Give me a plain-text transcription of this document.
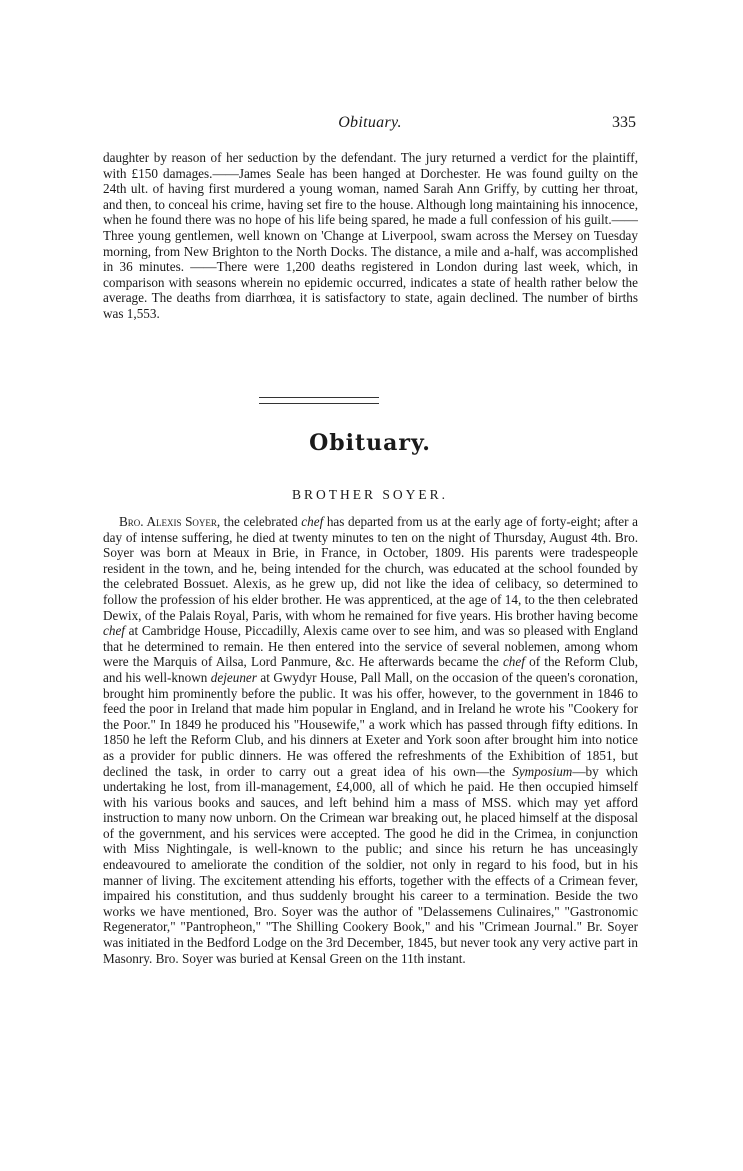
Obituary.	335

daughter by reason of her seduction by the defendant. The jury returned a verdict for the plaintiff, with £150 damages.——James Seale has been hanged at Dorchester. He was found guilty on the 24th ult. of having first murdered a young woman, named Sarah Ann Griffy, by cutting her throat, and then, to conceal his crime, having set fire to the house. Although long maintaining his innocence, when he found there was no hope of his life being spared, he made a full confession of his guilt.——Three young gentlemen, well known on 'Change at Liverpool, swam across the Mersey on Tuesday morning, from New Brighton to the North Docks. The distance, a mile and a-half, was accomplished in 36 minutes. ——There were 1,200 deaths registered in London during last week, which, in comparison with seasons wherein no epidemic occurred, indicates a state of health rather below the average. The deaths from diarrhœa, it is satisfactory to state, again declined. The number of births was 1,553.

Obituary.
BROTHER SOYER.

Bro. Alexis Soyer, the celebrated chef has departed from us at the early age of forty-eight; after a day of intense suffering, he died at twenty minutes to ten on the night of Thursday, August 4th. Bro. Soyer was born at Meaux in Brie, in France, in October, 1809. His parents were tradespeople resident in the town, and he, being intended for the church, was educated at the school founded by the celebrated Bossuet. Alexis, as he grew up, did not like the idea of celibacy, so determined to follow the profession of his elder brother. He was apprenticed, at the age of 14, to the then celebrated Dewix, of the Palais Royal, Paris, with whom he remained for five years. His brother having become chef at Cambridge House, Piccadilly, Alexis came over to see him, and was so pleased with England that he determined to remain. He then entered into the service of several noblemen, among whom were the Marquis of Ailsa, Lord Panmure, &c. He afterwards became the chef of the Reform Club, and his well-known dejeuner at Gwydyr House, Pall Mall, on the occasion of the queen's coronation, brought him prominently before the public. It was his offer, however, to the government in 1846 to feed the poor in Ireland that made him popular in England, and in Ireland he wrote his "Cookery for the Poor." In 1849 he produced his "Housewife," a work which has passed through fifty editions. In 1850 he left the Reform Club, and his dinners at Exeter and York soon after brought him into notice as a provider for public dinners. He was offered the refreshments of the Exhibition of 1851, but declined the task, in order to carry out a great idea of his own—the Symposium—by which undertaking he lost, from ill-management, £4,000, all of which he paid. He then occupied himself with his various books and sauces, and left behind him a mass of MSS. which may yet afford instruction to many now unborn. On the Crimean war breaking out, he placed himself at the disposal of the government, and his services were accepted. The good he did in the Crimea, in conjunction with Miss Nightingale, is well-known to the public; and since his return he has unceasingly endeavoured to ameliorate the condition of the soldier, not only in regard to his food, but in his manner of living. The excitement attending his efforts, together with the effects of a Crimean fever, impaired his constitution, and thus suddenly brought his career to a termination. Beside the two works we have mentioned, Bro. Soyer was the author of "Delassemens Culinaires," "Gastronomic Regenerator," "Pantropheon," "The Shilling Cookery Book," and his "Crimean Journal." Br. Soyer was initiated in the Bedford Lodge on the 3rd December, 1845, but never took any very active part in Masonry. Bro. Soyer was buried at Kensal Green on the 11th instant.
